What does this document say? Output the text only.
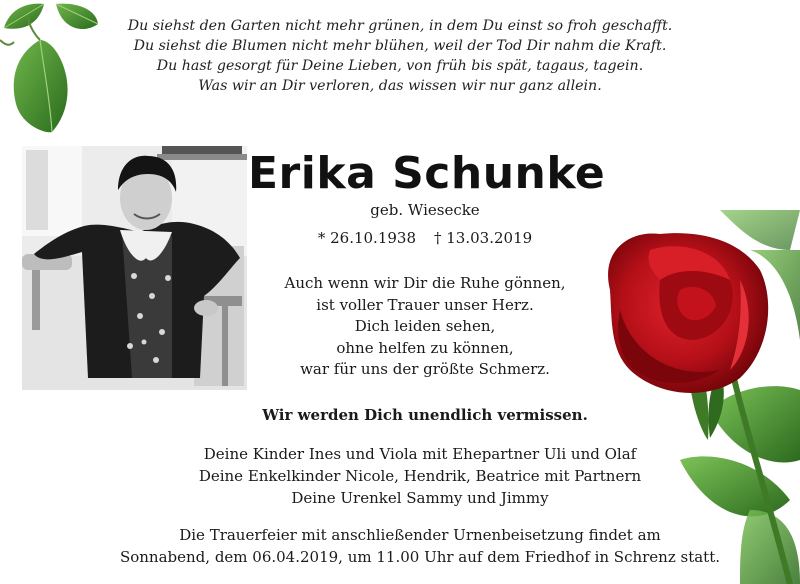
Du siehst den Garten nicht mehr grünen, in dem Du einst so froh geschafft.
Du siehst die Blumen nicht mehr blühen, weil der Tod Dir nahm die Kraft.
Du hast gesorgt für Deine Lieben, von früh bis spät, tagaus, tagein.
Was wir an Dir verloren, das wissen wir nur ganz allein.
Erika Schunke
geb. Wiesecke
* 26.10.1938 † 13.03.2019
Auch wenn wir Dir die Ruhe gönnen,
ist voller Trauer unser Herz.
Dich leiden sehen,
ohne helfen zu können,
war für uns der größte Schmerz.
Wir werden Dich unendlich vermissen.
Deine Kinder Ines und Viola mit Ehepartner Uli und Olaf
Deine Enkelkinder Nicole, Hendrik, Beatrice mit Partnern
Deine Urenkel Sammy und Jimmy
Die Trauerfeier mit anschließender Urnenbeisetzung findet am
Sonnabend, dem 06.04.2019, um 11.00 Uhr auf dem Friedhof in Schrenz statt.
